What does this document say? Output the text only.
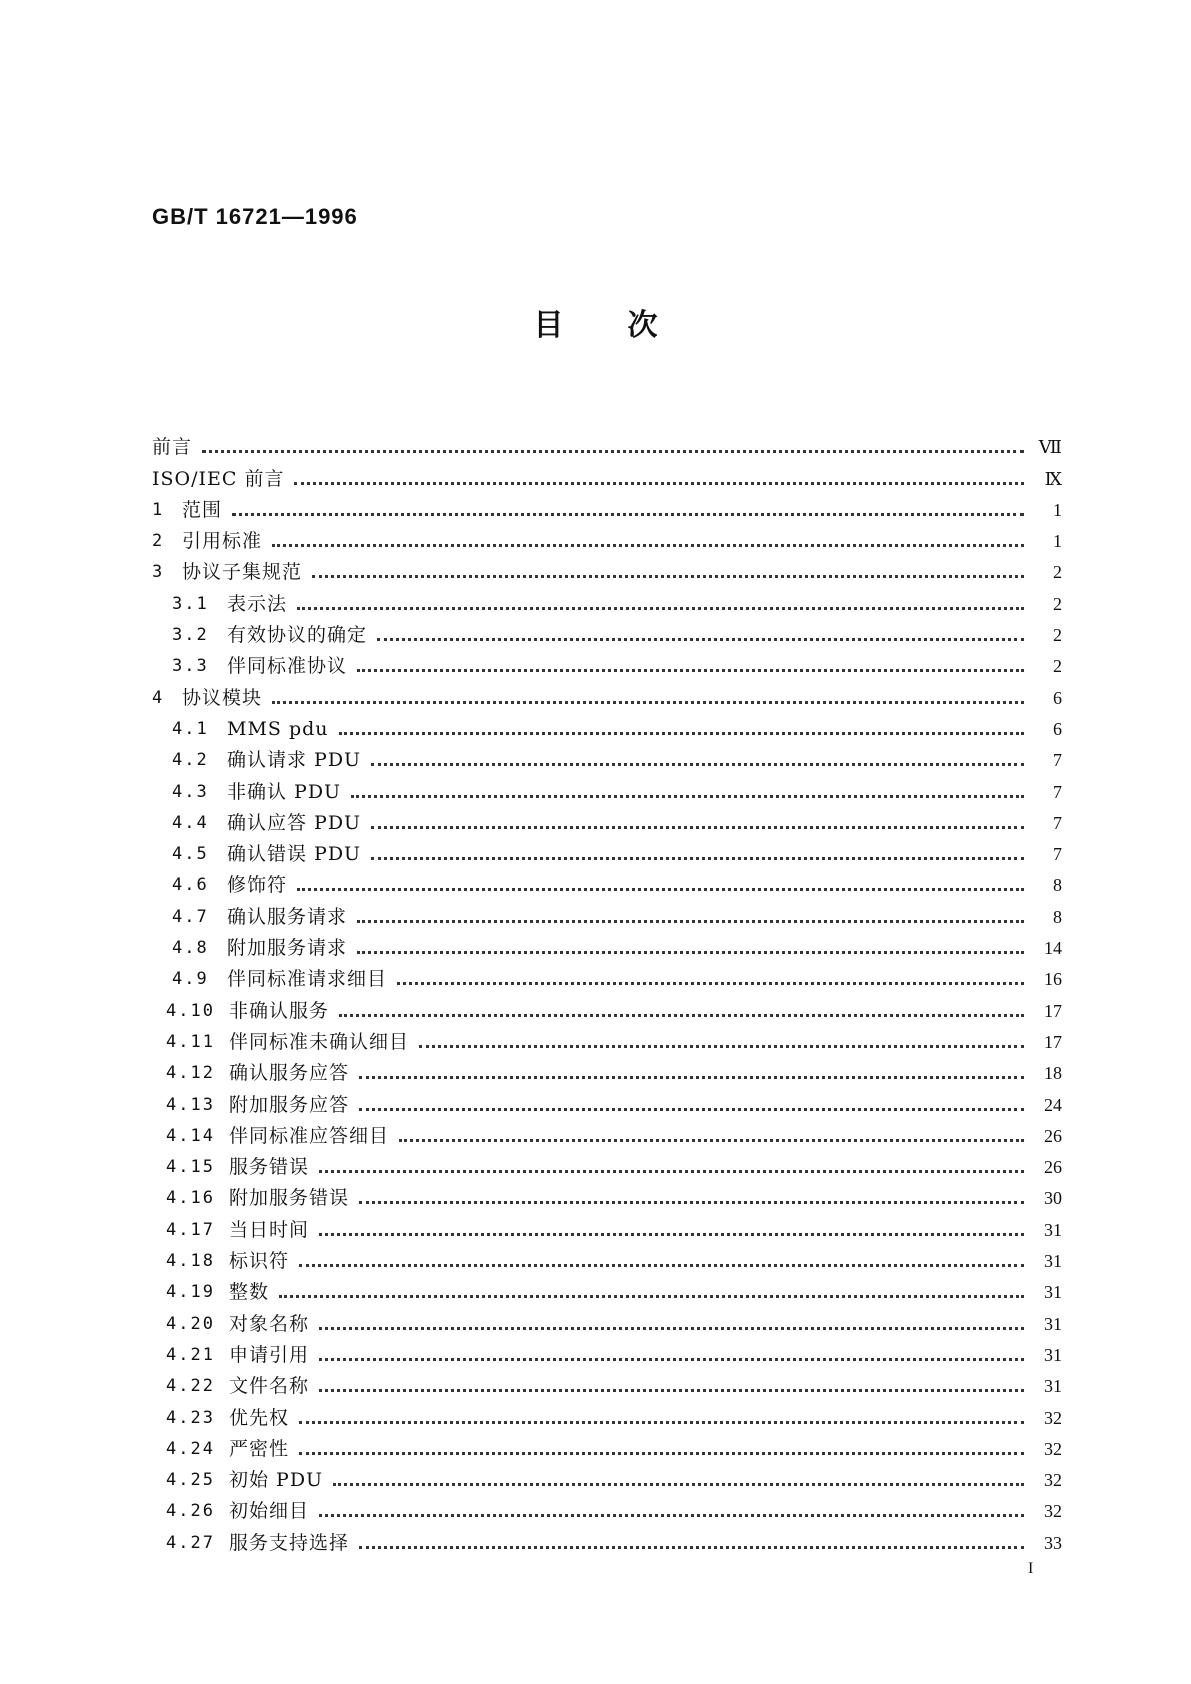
GB/T 16721—1996
目次
前言	Ⅶ
ISO/IEC 前言	Ⅸ
1 范围	1
2 引用标准	1
3 协议子集规范	2
3.1 表示法	2
3.2 有效协议的确定	2
3.3 伴同标准协议	2
4 协议模块	6
4.1 MMS pdu	6
4.2 确认请求 PDU	7
4.3 非确认 PDU	7
4.4 确认应答 PDU	7
4.5 确认错误 PDU	7
4.6 修饰符	8
4.7 确认服务请求	8
4.8 附加服务请求	14
4.9 伴同标准请求细目	16
4.10 非确认服务	17
4.11 伴同标准未确认细目	17
4.12 确认服务应答	18
4.13 附加服务应答	24
4.14 伴同标准应答细目	26
4.15 服务错误	26
4.16 附加服务错误	30
4.17 当日时间	31
4.18 标识符	31
4.19 整数	31
4.20 对象名称	31
4.21 申请引用	31
4.22 文件名称	31
4.23 优先权	32
4.24 严密性	32
4.25 初始 PDU	32
4.26 初始细目	32
4.27 服务支持选择	33
I
